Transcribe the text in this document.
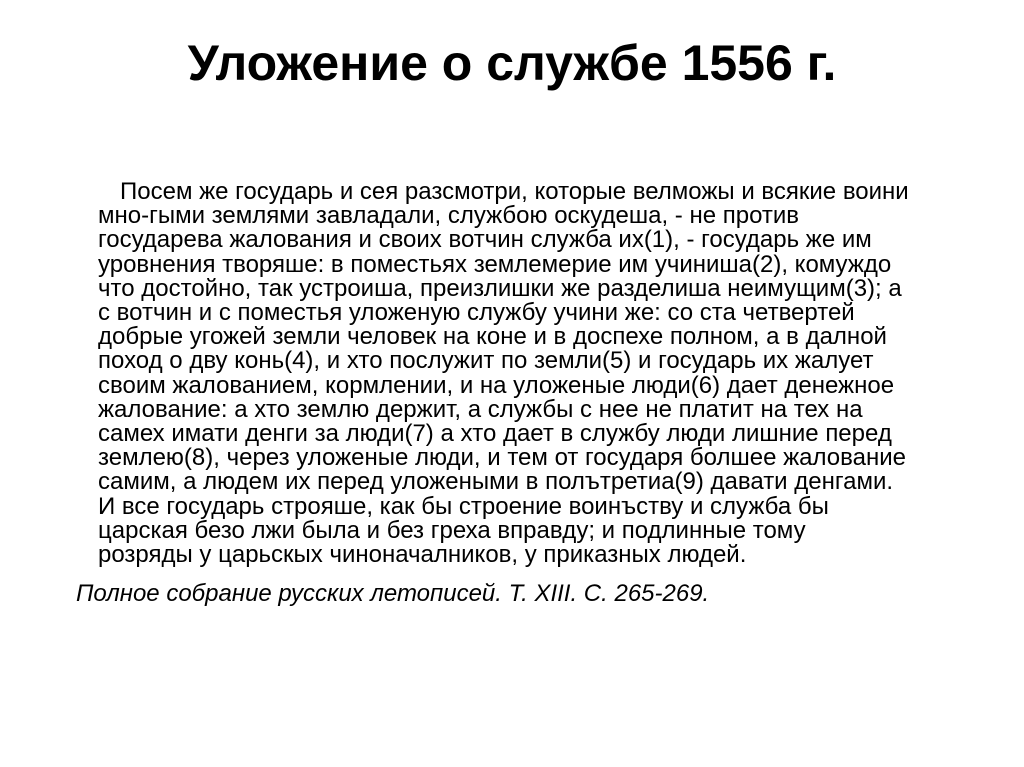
Уложение о службе 1556 г.
Посем же государь и сея разсмотри, которые велможы и всякие воини
мно-гыми землями завладали, службою оскудеша, - не против
государева жалования и своих вотчин служба их(1), - государь же им
уровнения творяше: в поместьях землемерие им учиниша(2), комуждо
что достойно, так устроиша, преизлишки же разделиша неимущим(3); а
с вотчин и с поместья уложеную службу учини же: со ста четвертей
добрые угожей земли человек на коне и в доспехе полном, а в далной
поход о дву конь(4), и хто послужит по земли(5) и государь их жалует
своим жалованием, кормлении, и на уложеные люди(6) дает денежное
жалование: а хто землю держит, а службы с нее не платит на тех на
самех имати денги за люди(7) а хто дает в службу люди лишние перед
землею(8), через уложеные люди, и тем от государя болшее жалование
самим, а людем их перед уложеными в полътретиа(9) давати денгами.
И все государь строяше, как бы строение воинъству и служба бы
царская безо лжи была и без греха вправду; и подлинные тому
розряды у царьскых чиноначалников, у приказных людей.
Полное собрание русских летописей. Т. XIII. С. 265-269.
